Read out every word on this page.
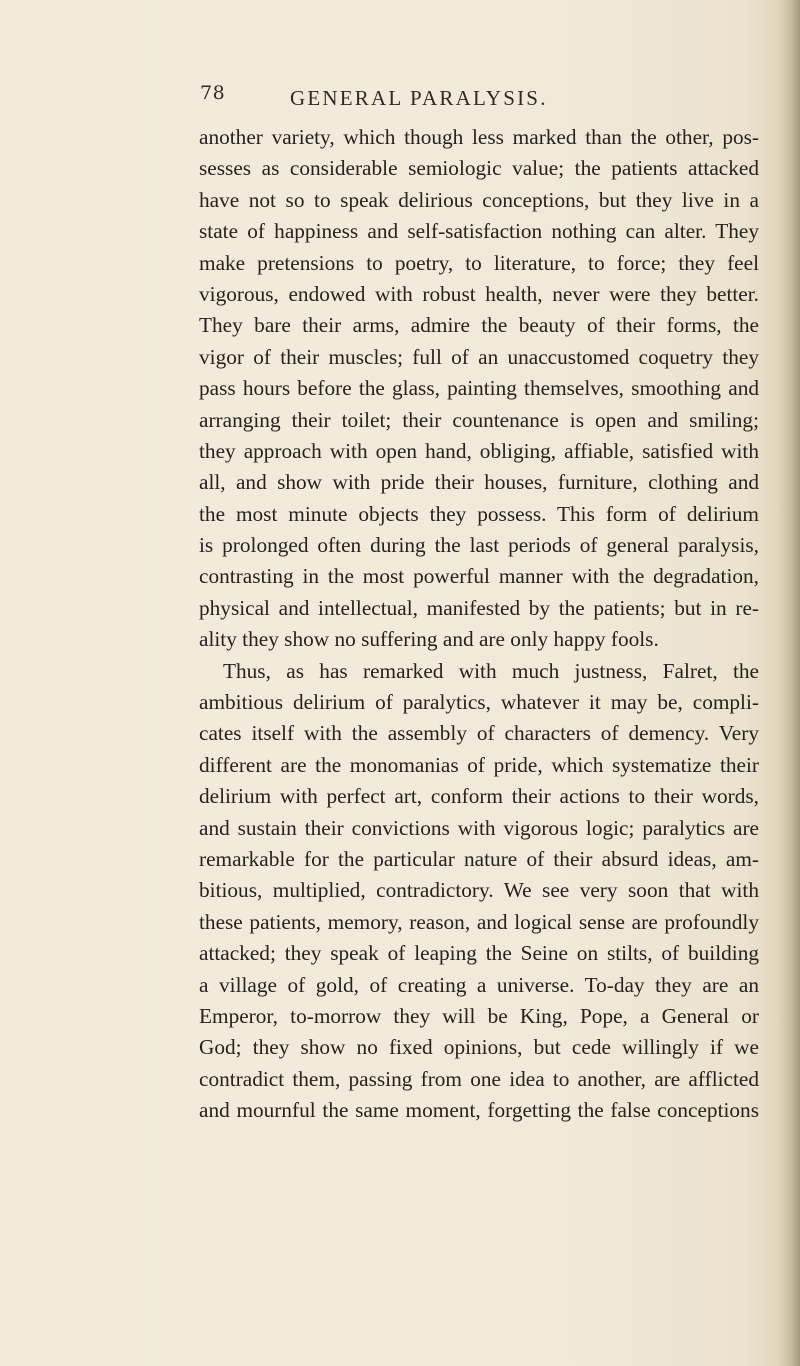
78	GENERAL PARALYSIS.
another variety, which though less marked than the other, pos-
sesses as considerable semiologic value; the patients attacked
have not so to speak delirious conceptions, but they live in a
state of happiness and self-satisfaction nothing can alter. They
make pretensions to poetry, to literature, to force; they feel
vigorous, endowed with robust health, never were they better.
They bare their arms, admire the beauty of their forms, the
vigor of their muscles; full of an unaccustomed coquetry they
pass hours before the glass, painting themselves, smoothing and
arranging their toilet; their countenance is open and smiling;
they approach with open hand, obliging, affiable, satisfied with
all, and show with pride their houses, furniture, clothing and
the most minute objects they possess. This form of delirium
is prolonged often during the last periods of general paralysis,
contrasting in the most powerful manner with the degradation,
physical and intellectual, manifested by the patients; but in re-
ality they show no suffering and are only happy fools.
Thus, as has remarked with much justness, Falret, the
ambitious delirium of paralytics, whatever it may be, compli-
cates itself with the assembly of characters of demency. Very
different are the monomanias of pride, which systematize their
delirium with perfect art, conform their actions to their words,
and sustain their convictions with vigorous logic; paralytics are
remarkable for the particular nature of their absurd ideas, am-
bitious, multiplied, contradictory. We see very soon that with
these patients, memory, reason, and logical sense are profoundly
attacked; they speak of leaping the Seine on stilts, of building
a village of gold, of creating a universe. To-day they are an
Emperor, to-morrow they will be King, Pope, a General or
God; they show no fixed opinions, but cede willingly if we
contradict them, passing from one idea to another, are afflicted
and mournful the same moment, forgetting the false conceptions
